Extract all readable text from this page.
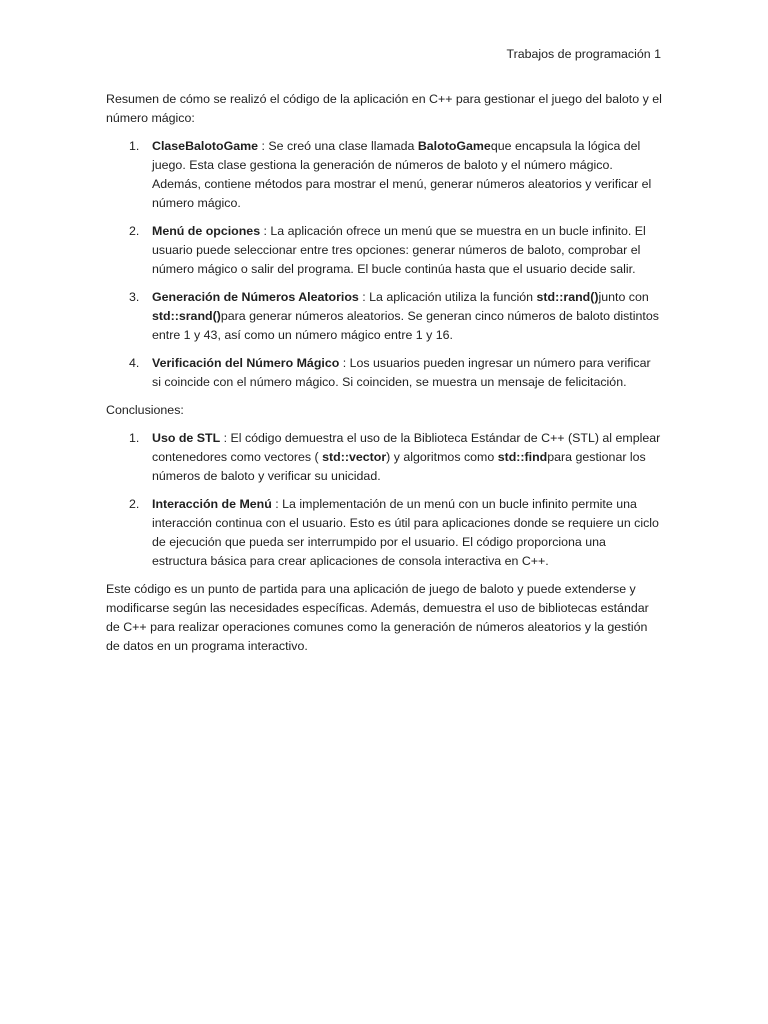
Trabajos de programación 1

Resumen de cómo se realizó el código de la aplicación en C++ para gestionar el juego del baloto y el número mágico:

1. ClaseBalotoGame : Se creó una clase llamada BalotoGameque encapsula la lógica del juego. Esta clase gestiona la generación de números de baloto y el número mágico. Además, contiene métodos para mostrar el menú, generar números aleatorios y verificar el número mágico.
2. Menú de opciones : La aplicación ofrece un menú que se muestra en un bucle infinito. El usuario puede seleccionar entre tres opciones: generar números de baloto, comprobar el número mágico o salir del programa. El bucle continúa hasta que el usuario decide salir.
3. Generación de Números Aleatorios : La aplicación utiliza la función std::rand()junto con std::srand()para generar números aleatorios. Se generan cinco números de baloto distintos entre 1 y 43, así como un número mágico entre 1 y 16.
4. Verificación del Número Mágico : Los usuarios pueden ingresar un número para verificar si coincide con el número mágico. Si coinciden, se muestra un mensaje de felicitación.

Conclusiones:

1. Uso de STL : El código demuestra el uso de la Biblioteca Estándar de C++ (STL) al emplear contenedores como vectores ( std::vector) y algoritmos como std::findpara gestionar los números de baloto y verificar su unicidad.
2. Interacción de Menú : La implementación de un menú con un bucle infinito permite una interacción continua con el usuario. Esto es útil para aplicaciones donde se requiere un ciclo de ejecución que pueda ser interrumpido por el usuario. El código proporciona una estructura básica para crear aplicaciones de consola interactiva en C++.

Este código es un punto de partida para una aplicación de juego de baloto y puede extenderse y modificarse según las necesidades específicas. Además, demuestra el uso de bibliotecas estándar de C++ para realizar operaciones comunes como la generación de números aleatorios y la gestión de datos en un programa interactivo.
